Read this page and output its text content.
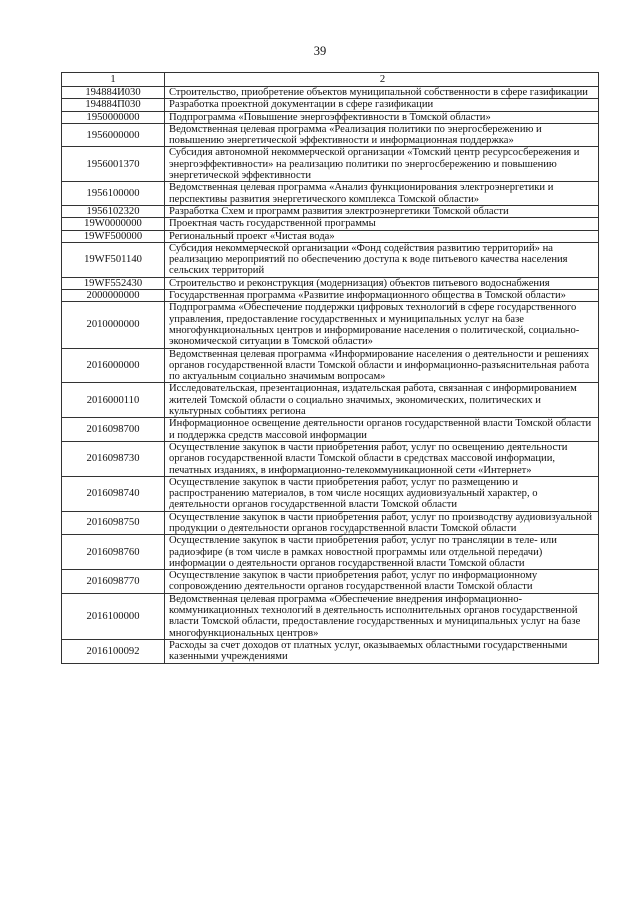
39
1	2
194884И030	Строительство, приобретение объектов муниципальной собственности в сфере газификации
194884П030	Разработка проектной документации в сфере газификации
1950000000	Подпрограмма «Повышение энергоэффективности в Томской области»
1956000000	Ведомственная целевая программа «Реализация политики по энергосбережению и повышению энергетической эффективности и информационная поддержка»
1956001370	Субсидия автономной некоммерческой организации «Томский центр ресурсосбережения и энергоэффективности» на реализацию политики по энергосбережению и повышению энергетической эффективности
1956100000	Ведомственная целевая программа «Анализ функционирования электроэнергетики и перспективы развития энергетического комплекса Томской области»
1956102320	Разработка Схем и программ развития электроэнергетики Томской области
19W0000000	Проектная часть государственной программы
19WF500000	Региональный проект «Чистая вода»
19WF501140	Субсидия некоммерческой организации «Фонд содействия развитию территорий» на реализацию мероприятий по обеспечению доступа к воде питьевого качества населения сельских территорий
19WF552430	Строительство и реконструкция (модернизация) объектов питьевого водоснабжения
2000000000	Государственная программа «Развитие информационного общества в Томской области»
2010000000	Подпрограмма «Обеспечение поддержки цифровых технологий в сфере государственного управления, предоставление государственных и муниципальных услуг на базе многофункциональных центров и информирование населения о политической, социально-экономической ситуации в Томской области»
2016000000	Ведомственная целевая программа «Информирование населения о деятельности и решениях органов государственной власти Томской области и информационно-разъяснительная работа по актуальным социально значимым вопросам»
2016000110	Исследовательская, презентационная, издательская работа, связанная с информированием жителей Томской области о социально значимых, экономических, политических и культурных событиях региона
2016098700	Информационное освещение деятельности органов государственной власти Томской области и поддержка средств массовой информации
2016098730	Осуществление закупок в части приобретения работ, услуг по освещению деятельности органов государственной власти Томской области в средствах массовой информации, печатных изданиях, в информационно-телекоммуникационной сети «Интернет»
2016098740	Осуществление закупок в части приобретения работ, услуг по размещению и распространению материалов, в том числе носящих аудиовизуальный характер, о деятельности органов государственной власти Томской области
2016098750	Осуществление закупок в части приобретения работ, услуг по производству аудиовизуальной продукции о деятельности органов государственной власти Томской области
2016098760	Осуществление закупок в части приобретения работ, услуг по трансляции в теле- или радиоэфире (в том числе в рамках новостной программы или отдельной передачи) информации о деятельности органов государственной власти Томской области
2016098770	Осуществление закупок в части приобретения работ, услуг по информационному сопровождению деятельности органов государственной власти Томской области
2016100000	Ведомственная целевая программа «Обеспечение внедрения информационно-коммуникационных технологий в деятельность исполнительных органов государственной власти Томской области, предоставление государственных и муниципальных услуг на базе многофункциональных центров»
2016100092	Расходы за счет доходов от платных услуг, оказываемых областными государственными казенными учреждениями
